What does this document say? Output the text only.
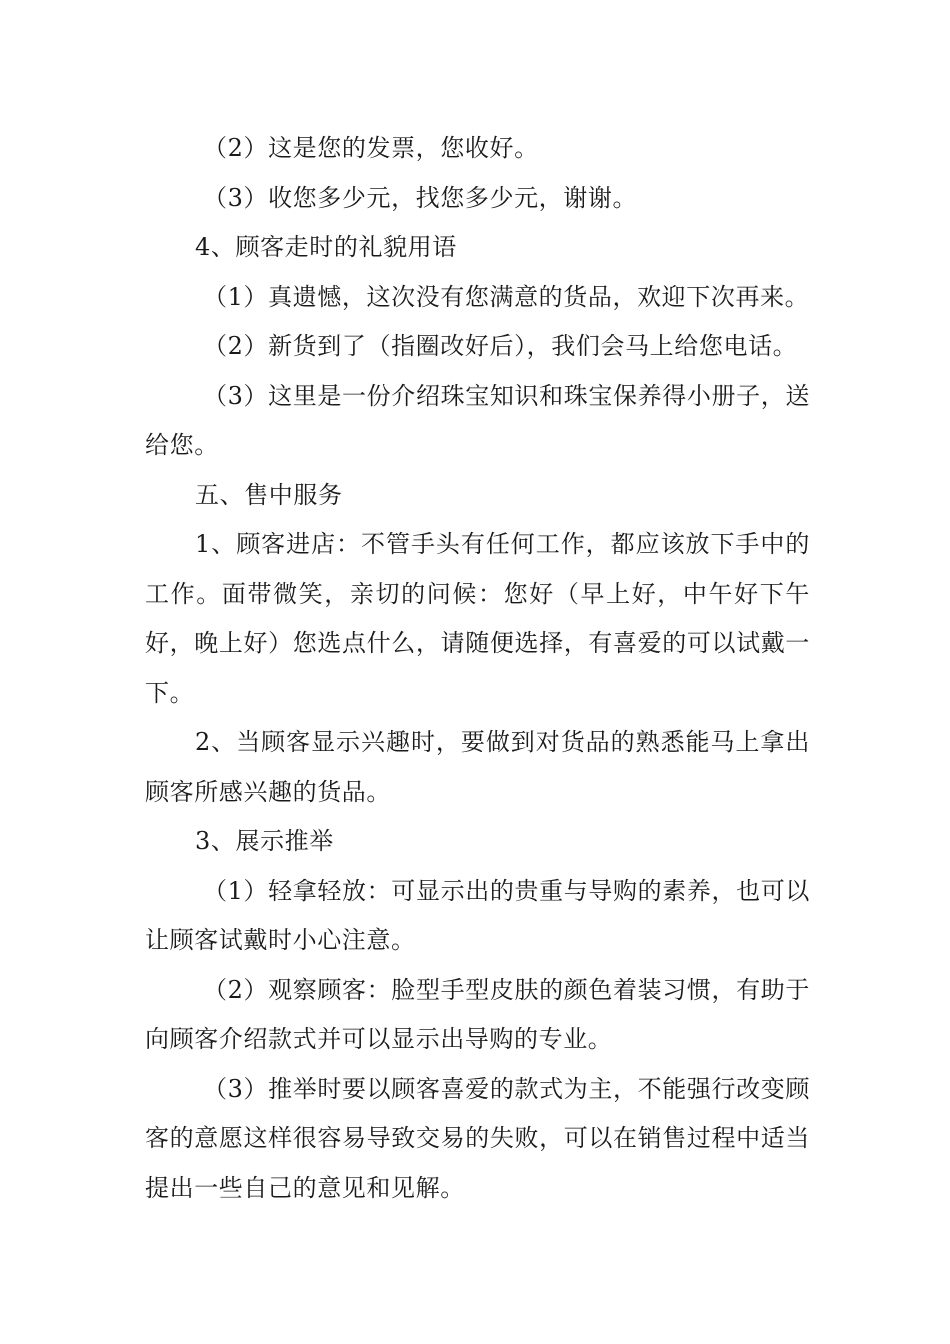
（2）这是您的发票，您收好。

（3）收您多少元，找您多少元，谢谢。

4、顾客走时的礼貌用语

（1）真遗憾，这次没有您满意的货品，欢迎下次再来。

（2）新货到了（指圈改好后），我们会马上给您电话。

（3）这里是一份介绍珠宝知识和珠宝保养得小册子，送给您。

五、售中服务

1、顾客进店：不管手头有任何工作，都应该放下手中的工作。面带微笑，亲切的问候：您好（早上好，中午好下午好，晚上好）您选点什么，请随便选择，有喜爱的可以试戴一下。

2、当顾客显示兴趣时，要做到对货品的熟悉能马上拿出顾客所感兴趣的货品。

3、展示推举

（1）轻拿轻放：可显示出的贵重与导购的素养，也可以让顾客试戴时小心注意。

（2）观察顾客：脸型手型皮肤的颜色着装习惯，有助于向顾客介绍款式并可以显示出导购的专业。

（3）推举时要以顾客喜爱的款式为主，不能强行改变顾客的意愿这样很容易导致交易的失败，可以在销售过程中适当提出一些自己的意见和见解。
